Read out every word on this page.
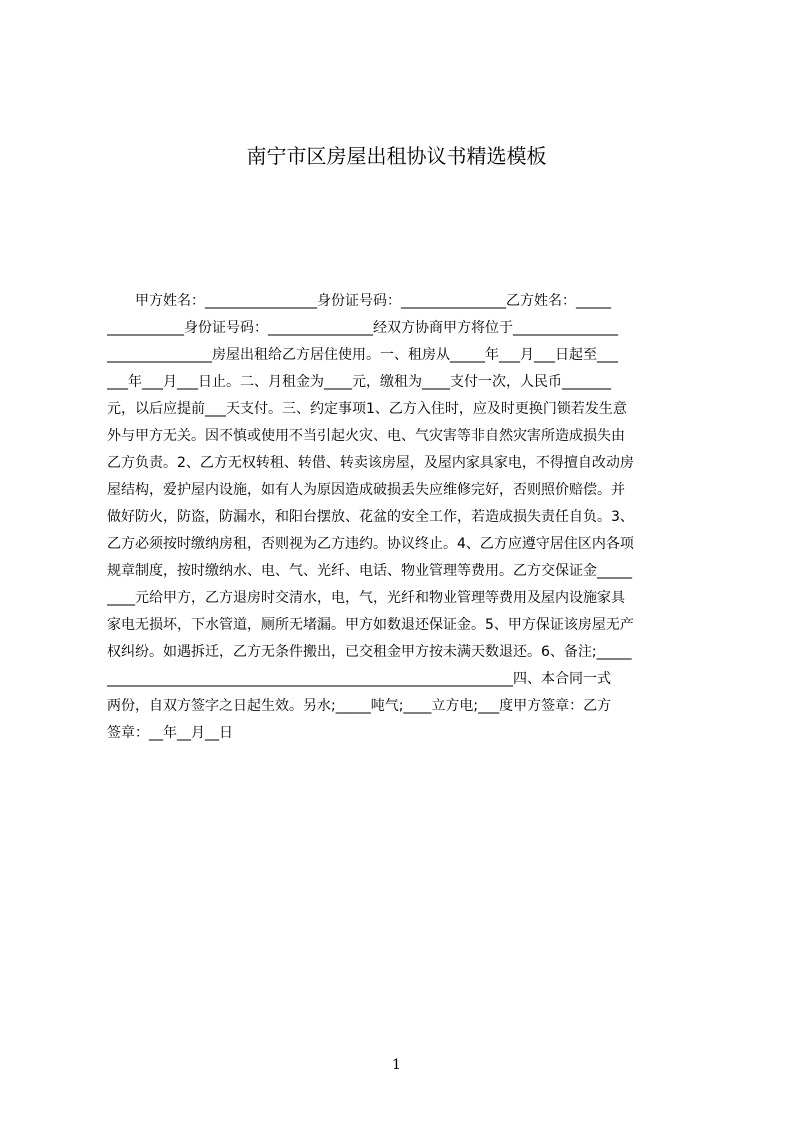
南宁市区房屋出租协议书精选模板
　　甲方姓名：________________身份证号码：_______________乙方姓名：_____
___________身份证号码：_______________经双方协商甲方将位于_______________
_______________房屋出租给乙方居住使用。一、租房从_____年___月___日起至___
___年___月___日止。二、月租金为____元，缴租为____支付一次，人民币_______
元，以后应提前___天支付。三、约定事项1、乙方入住时，应及时更换门锁若发生意
外与甲方无关。因不慎或使用不当引起火灾、电、气灾害等非自然灾害所造成损失由
乙方负责。2、乙方无权转租、转借、转卖该房屋，及屋内家具家电，不得擅自改动房
屋结构，爱护屋内设施，如有人为原因造成破损丢失应维修完好，否则照价赔偿。并
做好防火，防盗，防漏水，和阳台摆放、花盆的安全工作，若造成损失责任自负。3、
乙方必须按时缴纳房租，否则视为乙方违约。协议终止。4、乙方应遵守居住区内各项
规章制度，按时缴纳水、电、气、光纤、电话、物业管理等费用。乙方交保证金_____
____元给甲方，乙方退房时交清水，电，气，光纤和物业管理等费用及屋内设施家具
家电无损坏，下水管道，厕所无堵漏。甲方如数退还保证金。5、甲方保证该房屋无产
权纠纷。如遇拆迁，乙方无条件搬出，已交租金甲方按未满天数退还。6、备注;_____
__________________________________________________________四、本合同一式
两份，自双方签字之日起生效。另水;_____吨气;____立方电;___度甲方签章：乙方
签章：__年__月__日
1
